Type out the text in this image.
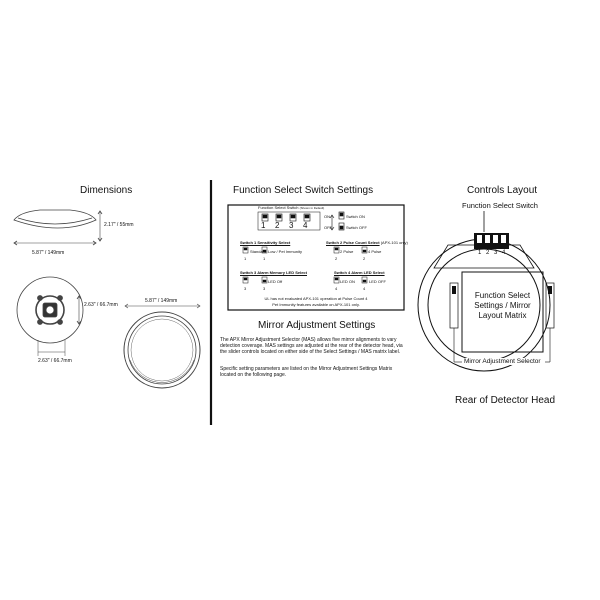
Dimensions
2.17" / 55mm
5.87" / 149mm
2.63" / 66.7mm
2.63" / 66.7mm
5.87" / 149mm
Function Select Switch Settings
Function Select Switch (Shown in Default)
1 2 3 4
ON
OFF
Switch ON
Switch OFF
Switch 1 Sensitivity Select
Standard
1
Low / Pet Immunity
1
Switch 2 Pulse Count Select (APX-101 only)
2 Pulse
2
4 Pulse
2
Switch 3 Alarm Memory LED Select
3
LED Off
3
Switch 4 Alarm LED Select
LED ON
4
LED OFF
4
UL has not evaluated APX-101 operation at Pulse Count 4
Pet Immunity features available on APX-101 only.
Mirror Adjustment Settings
The APX Mirror Adjustment Selector (MAS) allows five mirror alignments to vary detection coverage. MAS settings are adjusted at the rear of the detector head, via the slider controls located on either side of the Select Settings / MAS matrix label.
Specific setting parameters are listed on the Mirror Adjustment Settings Matrix located on the following page.
Controls Layout
Function Select Switch
1 2 3 4
Function Select
Settings / Mirror
Layout Matrix
Mirror Adjustment Selector
Rear of Detector Head
